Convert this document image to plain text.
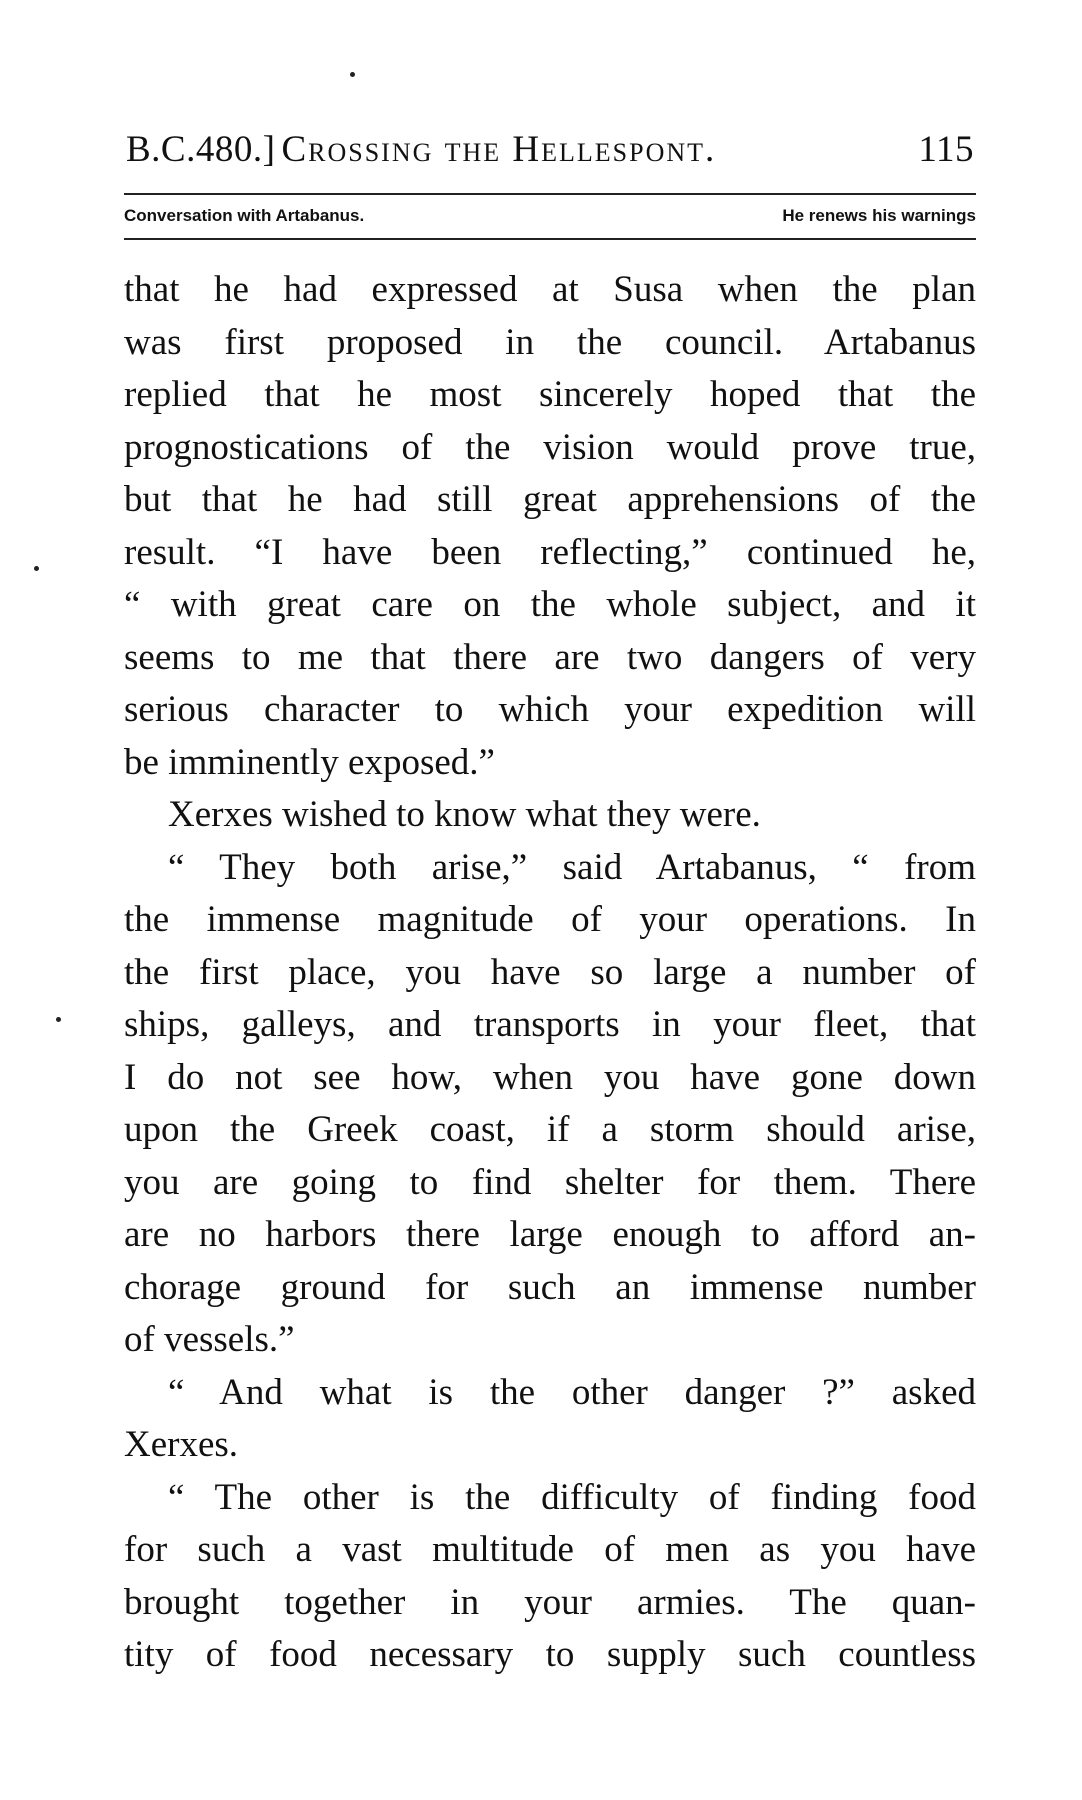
B.C.480.] Crossing the Hellespont.	115
Conversation with Artabanus.	He renews his warnings
that he had expressed at Susa when the plan
was first proposed in the council. Artabanus
replied that he most sincerely hoped that the
prognostications of the vision would prove true,
but that he had still great apprehensions of the
result. “I have been reflecting,” continued he,
“ with great care on the whole subject, and it
seems to me that there are two dangers of very
serious character to which your expedition will
be imminently exposed.”
Xerxes wished to know what they were.
“ They both arise,” said Artabanus, “ from
the immense magnitude of your operations. In
the first place, you have so large a number of
ships, galleys, and transports in your fleet, that
I do not see how, when you have gone down
upon the Greek coast, if a storm should arise,
you are going to find shelter for them. There
are no harbors there large enough to afford an-
chorage ground for such an immense number
of vessels.”
“ And what is the other danger ?” asked
Xerxes.
“ The other is the difficulty of finding food
for such a vast multitude of men as you have
brought together in your armies. The quan-
tity of food necessary to supply such countless
